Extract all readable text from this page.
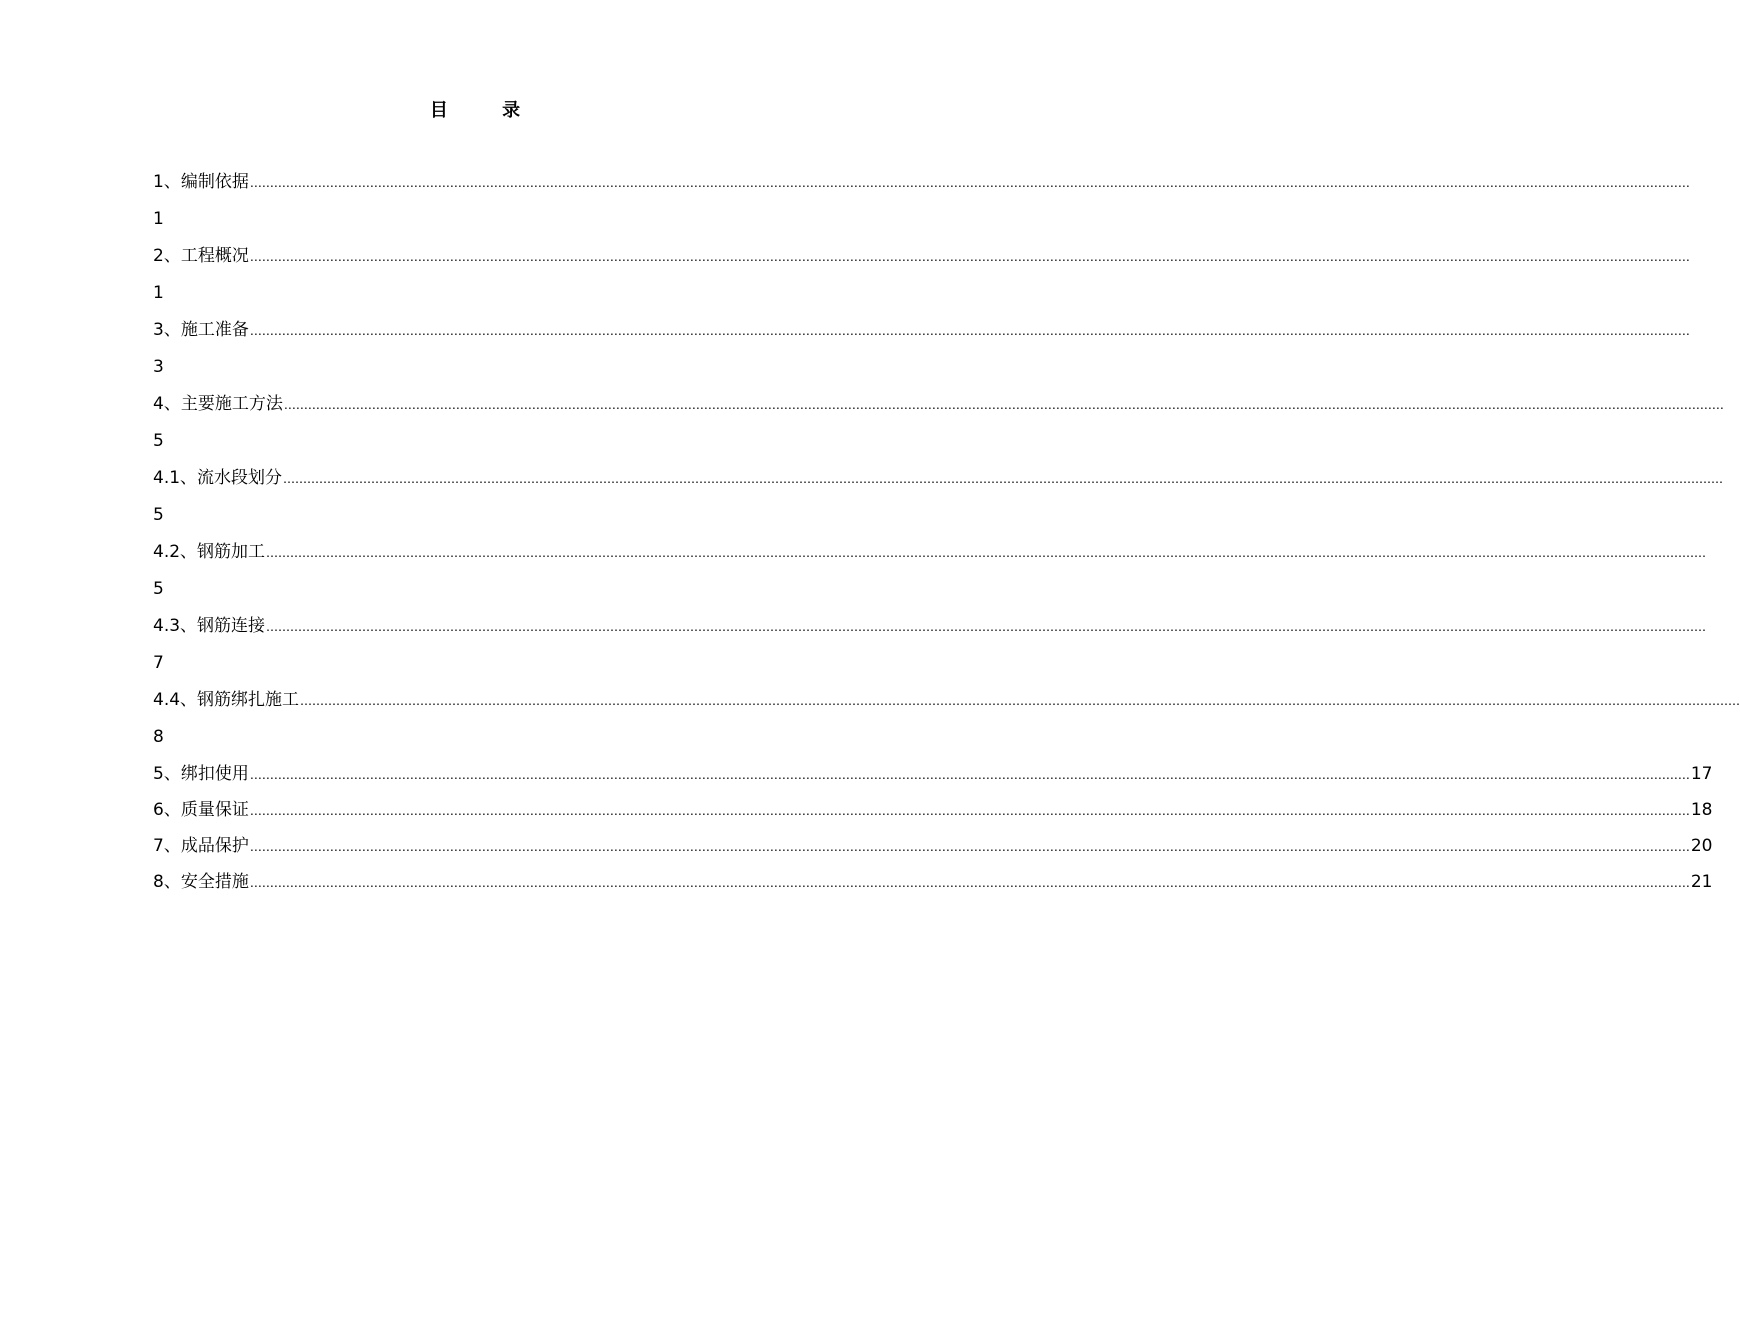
目 录
1、编制依据 ………………………………………………………………………………………………………………………………………………………………………………………………………………………………………………………………………………………………………………………………
1
2、工程概况 ………………………………………………………………………………………………………………………………………………………………………………………………………………………………………………………………………………………………………………………………
1
3、施工准备 ………………………………………………………………………………………………………………………………………………………………………………………………………………………………………………………………………………………………………………………………
3
4、主要施工方法 ………………………………………………………………………………………………………………………………………………………………………………………………………………………………………………………………………………………………………………………………
5
4.1、流水段划分 ………………………………………………………………………………………………………………………………………………………………………………………………………………………………………………………………………………………………………………………………
5
4.2、钢筋加工 ………………………………………………………………………………………………………………………………………………………………………………………………………………………………………………………………………………………………………………………………
5
4.3、钢筋连接 ………………………………………………………………………………………………………………………………………………………………………………………………………………………………………………………………………………………………………………………………
7
4.4、钢筋绑扎施工 ………………………………………………………………………………………………………………………………………………………………………………………………………………………………………………………………………………………………………………………………
8
5、绑扣使用 ……………………………………………………………………………………………………………………………………………………………………………………………………………………………………………………………………………………………………………………………… 17
6、质量保证 ……………………………………………………………………………………………………………………………………………………………………………………………………………………………………………………………………………………………………………………………… 18
7、成品保护 ……………………………………………………………………………………………………………………………………………………………………………………………………………………………………………………………………………………………………………………………… 20
8、安全措施 ……………………………………………………………………………………………………………………………………………………………………………………………………………………………………………………………………………………………………………………………… 21
